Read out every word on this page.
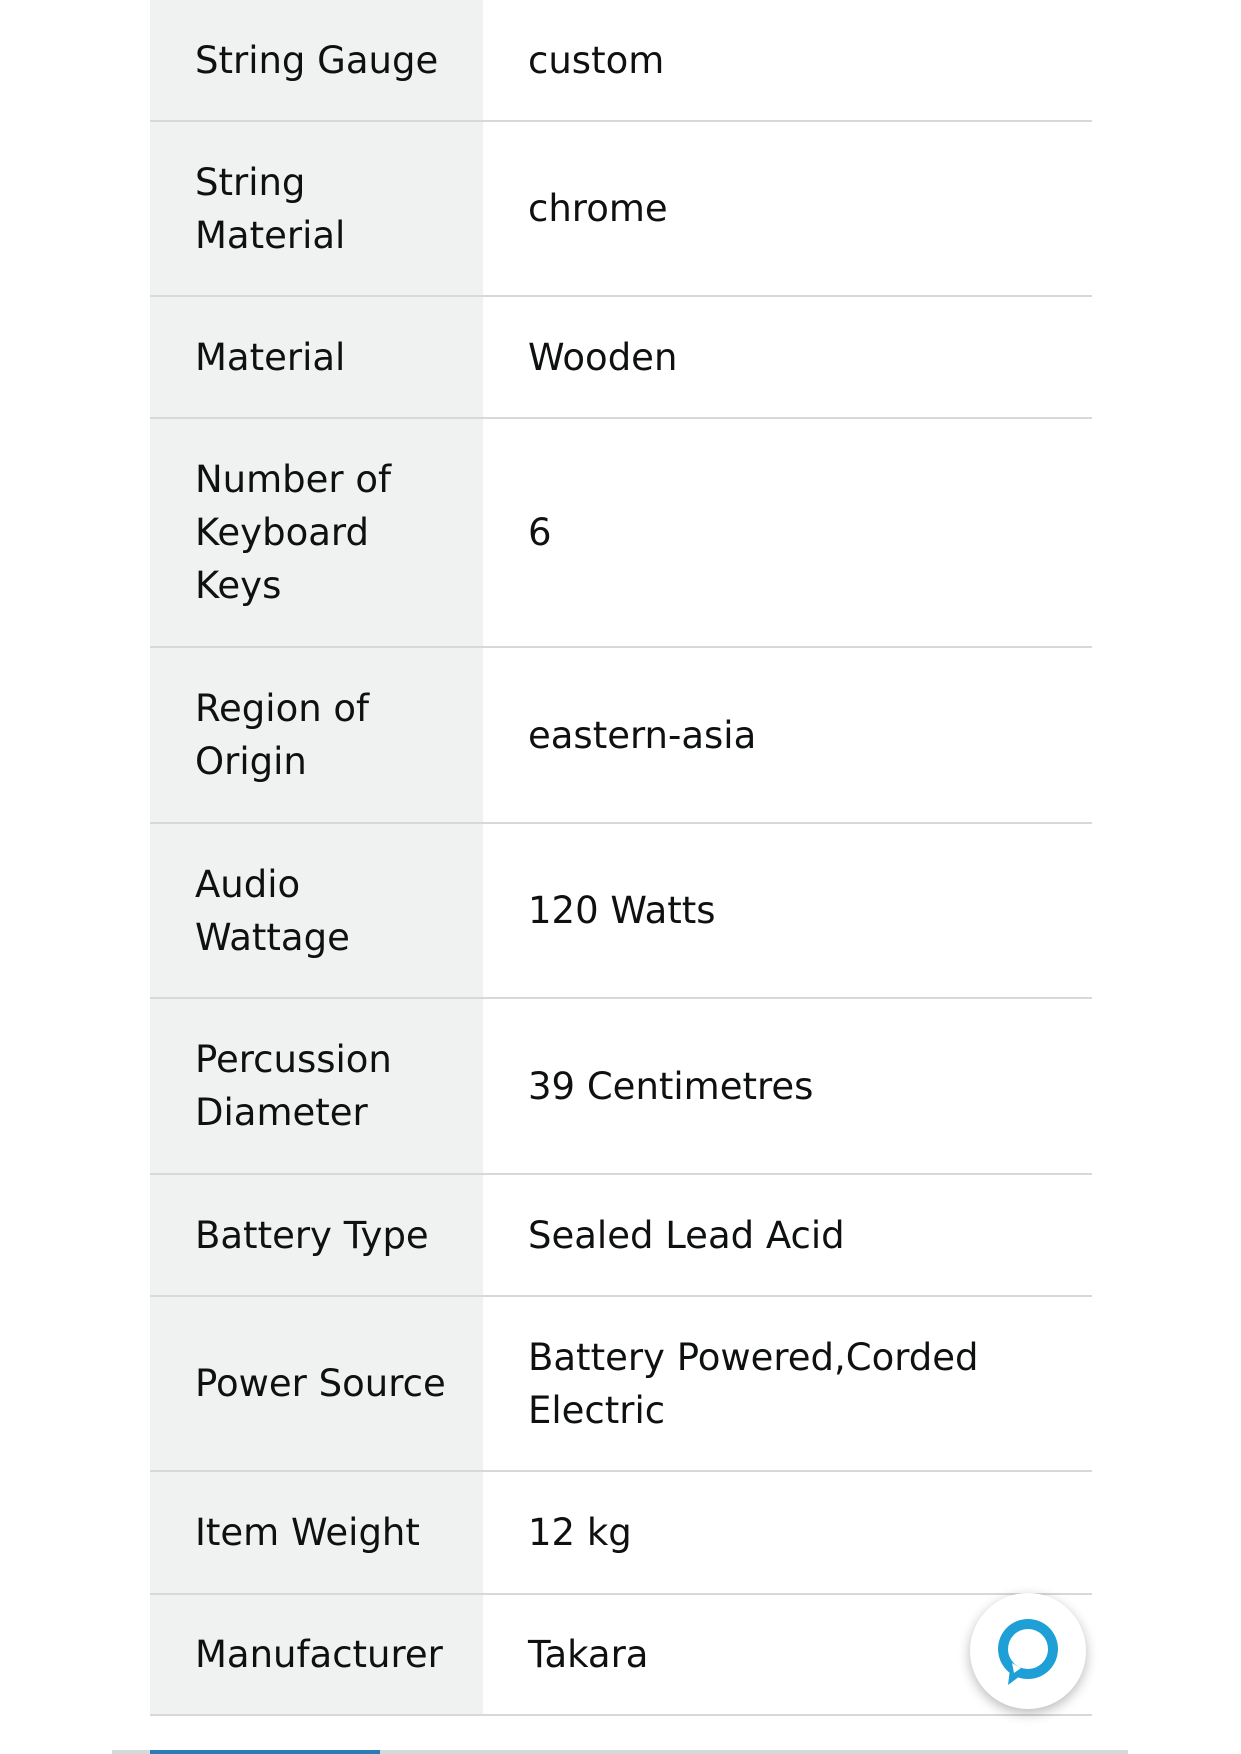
String Gauge	custom
String Material	chrome
Material	Wooden
Number of Keyboard Keys	6
Region of Origin	eastern-asia
Audio Wattage	120 Watts
Percussion Diameter	39 Centimetres
Battery Type	Sealed Lead Acid
Power Source	Battery Powered,Corded Electric
Item Weight	12 kg
Manufacturer	Takara
